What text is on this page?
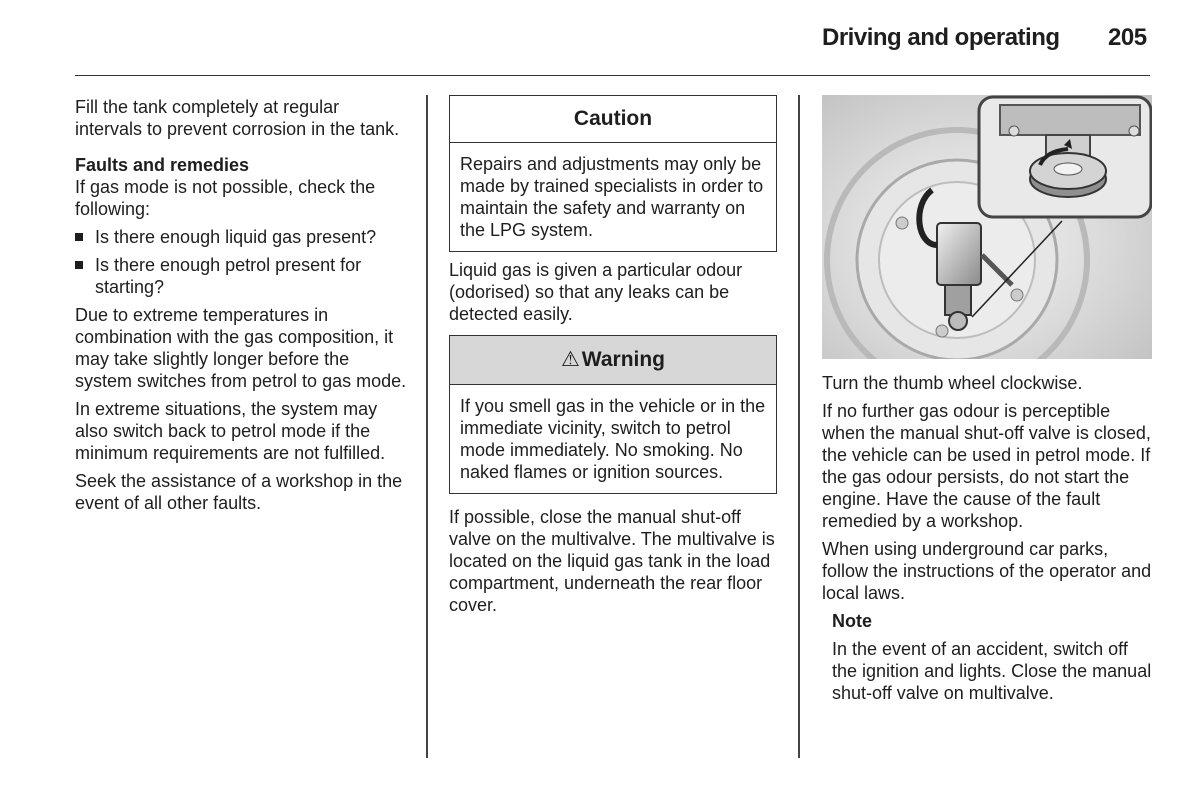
Driving and operating 205

Fill the tank completely at regular intervals to prevent corrosion in the tank.

Faults and remedies

If gas mode is not possible, check the following:

Is there enough liquid gas present?
Is there enough petrol present for starting?

Due to extreme temperatures in combination with the gas composition, it may take slightly longer before the system switches from petrol to gas mode.

In extreme situations, the system may also switch back to petrol mode if the minimum requirements are not fulfilled.

Seek the assistance of a workshop in the event of all other faults.

Caution
Repairs and adjustments may only be made by trained specialists in order to maintain the safety and warranty on the LPG system.

Liquid gas is given a particular odour (odorised) so that any leaks can be detected easily.

⚠ Warning
If you smell gas in the vehicle or in the immediate vicinity, switch to petrol mode immediately. No smoking. No naked flames or ignition sources.

If possible, close the manual shut-off valve on the multivalve. The multivalve is located on the liquid gas tank in the load compartment, underneath the rear floor cover.

Turn the thumb wheel clockwise.

If no further gas odour is perceptible when the manual shut-off valve is closed, the vehicle can be used in petrol mode. If the gas odour persists, do not start the engine. Have the cause of the fault remedied by a workshop.

When using underground car parks, follow the instructions of the operator and local laws.

Note

In the event of an accident, switch off the ignition and lights. Close the manual shut-off valve on multivalve.
